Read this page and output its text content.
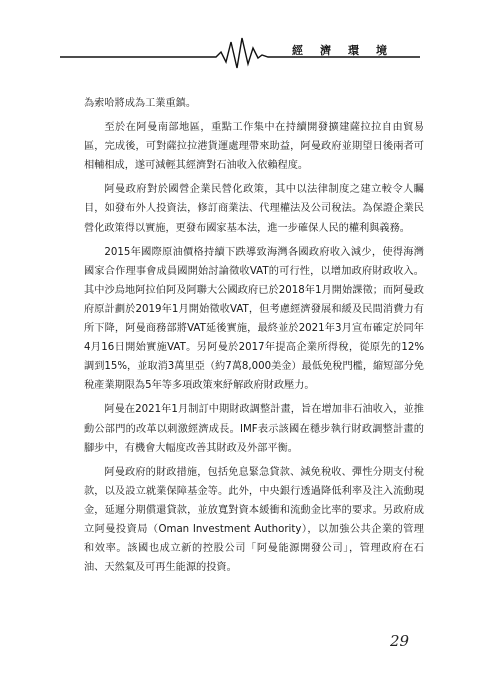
經 濟 環 境

為索哈將成為工業重鎮。

至於在阿曼南部地區，重點工作集中在持續開發擴建薩拉拉自由貿易區，完成後，可對薩拉拉港貨運處理帶來助益，阿曼政府並期望日後兩者可相輔相成，遂可減輕其經濟對石油收入依賴程度。

阿曼政府對於國營企業民營化政策，其中以法律制度之建立較令人矚目，如發布外人投資法，修訂商業法、代理權法及公司稅法。為保證企業民營化政策得以實施，更發布國家基本法，進一步確保人民的權利與義務。

2015年國際原油價格持續下跌導致海灣各國政府收入減少，使得海灣國家合作理事會成員國開始討論徵收VAT的可行性，以增加政府財政收入。其中沙烏地阿拉伯阿及阿聯大公國政府已於2018年1月開始課徵；而阿曼政府原計劃於2019年1月開始徵收VAT，但考慮經濟發展和緩及民間消費力有所下降，阿曼商務部將VAT延後實施，最終並於2021年3月宣布確定於同年4月16日開始實施VAT。另阿曼於2017年提高企業所得稅，從原先的12%調到15%，並取消3萬里亞（約7萬8,000美金）最低免稅門檻，縮短部分免稅產業期限為5年等多項政策來紓解政府財政壓力。

阿曼在2021年1月制訂中期財政調整計畫，旨在增加非石油收入，並推動公部門的改革以刺激經濟成長。IMF表示該國在穩步執行財政調整計畫的腳步中，有機會大幅度改善其財政及外部平衡。

阿曼政府的財政措施，包括免息緊急貸款、減免稅收、彈性分期支付稅款，以及設立就業保障基金等。此外，中央銀行透過降低利率及注入流動現金，延遲分期償還貸款，並放寬對資本緩衝和流動金比率的要求。另政府成立阿曼投資局（Oman Investment Authority），以加強公共企業的管理和效率。該國也成立新的控股公司「阿曼能源開發公司」，管理政府在石油、天然氣及可再生能源的投資。

29
